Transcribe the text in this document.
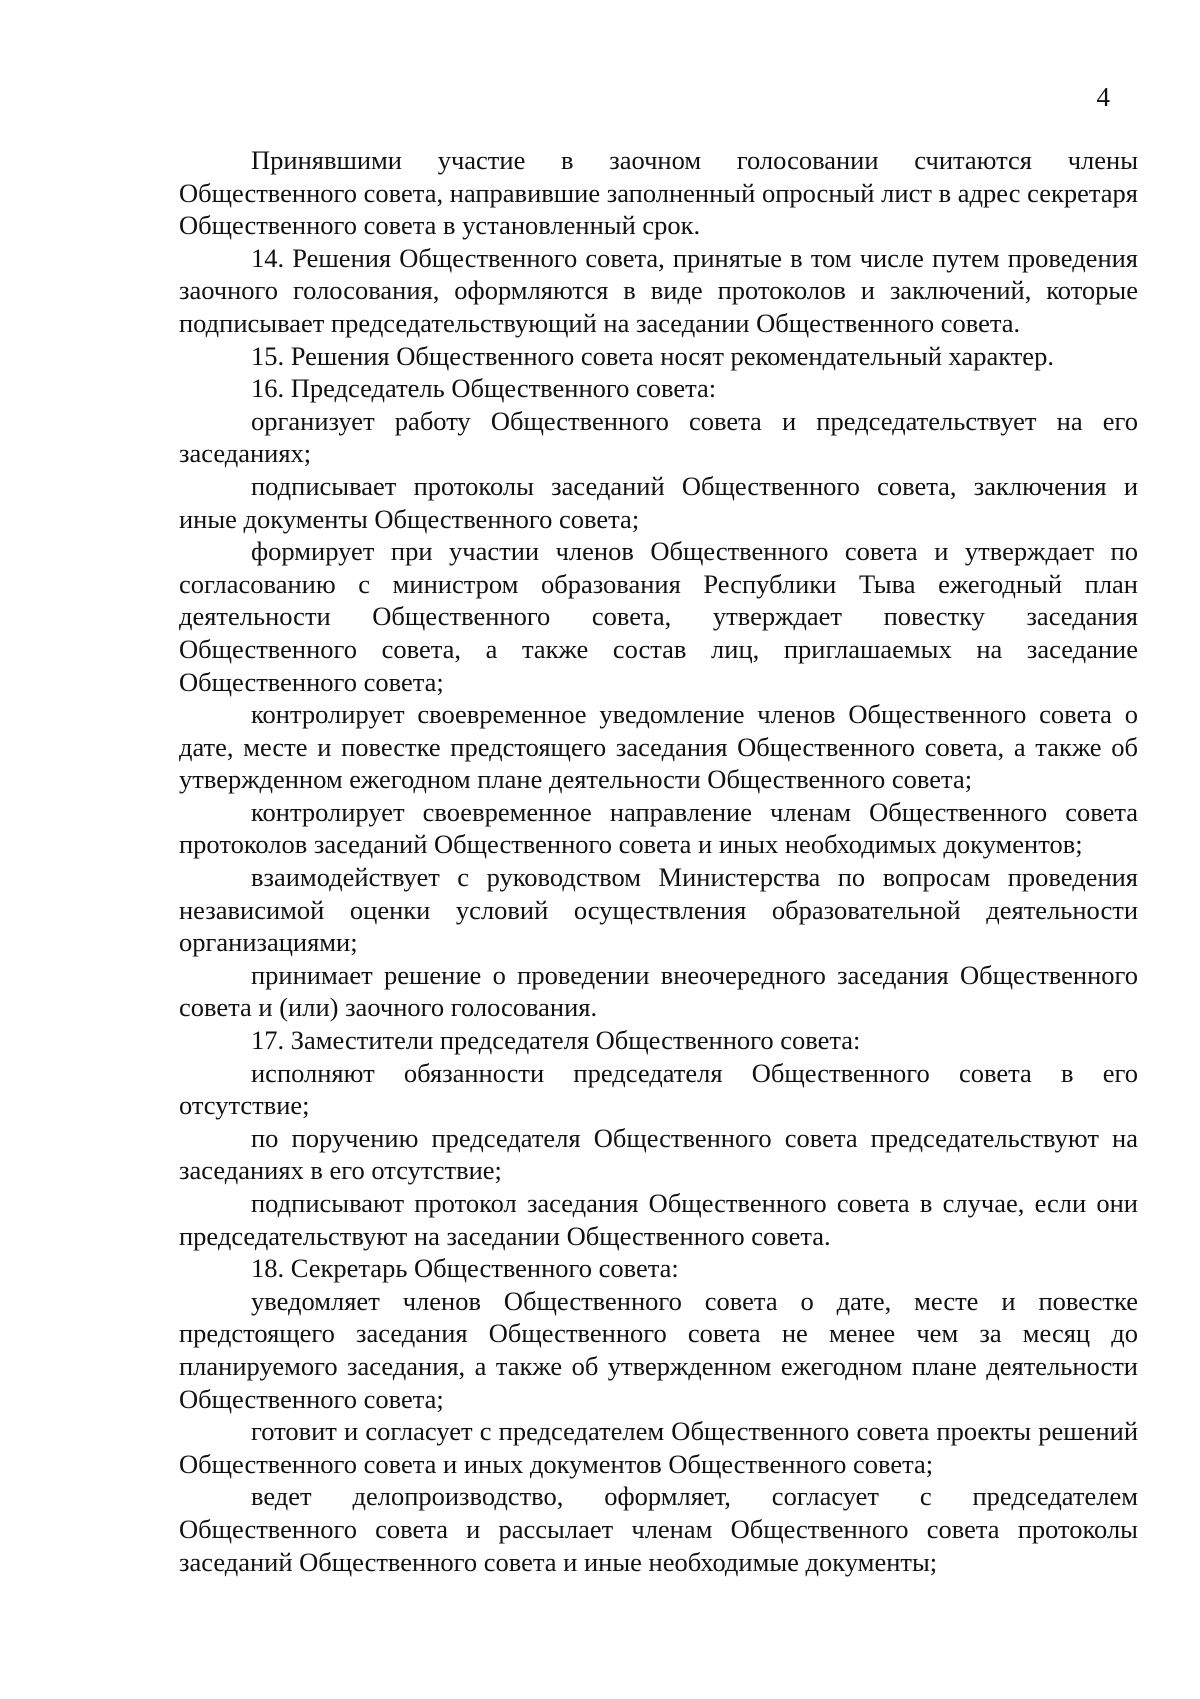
4

Принявшими участие в заочном голосовании считаются члены Общественного совета, направившие заполненный опросный лист в адрес секретаря Общественного совета в установленный срок.

14. Решения Общественного совета, принятые в том числе путем проведения заочного голосования, оформляются в виде протоколов и заключений, которые подписывает председательствующий на заседании Общественного совета.

15. Решения Общественного совета носят рекомендательный характер.

16. Председатель Общественного совета:

организует работу Общественного совета и председательствует на его заседаниях;

подписывает протоколы заседаний Общественного совета, заключения и иные документы Общественного совета;

формирует при участии членов Общественного совета и утверждает по согласованию с министром образования Республики Тыва ежегодный план деятельности Общественного совета, утверждает повестку заседания Общественного совета, а также состав лиц, приглашаемых на заседание Общественного совета;

контролирует своевременное уведомление членов Общественного совета о дате, месте и повестке предстоящего заседания Общественного совета, а также об утвержденном ежегодном плане деятельности Общественного совета;

контролирует своевременное направление членам Общественного совета протоколов заседаний Общественного совета и иных необходимых документов;

взаимодействует с руководством Министерства по вопросам проведения независимой оценки условий осуществления образовательной деятельности организациями;

принимает решение о проведении внеочередного заседания Общественного совета и (или) заочного голосования.

17. Заместители председателя Общественного совета:

исполняют обязанности председателя Общественного совета в его отсутствие;

по поручению председателя Общественного совета председательствуют на заседаниях в его отсутствие;

подписывают протокол заседания Общественного совета в случае, если они председательствуют на заседании Общественного совета.

18. Секретарь Общественного совета:

уведомляет членов Общественного совета о дате, месте и повестке предстоящего заседания Общественного совета не менее чем за месяц до планируемого заседания, а также об утвержденном ежегодном плане деятельности Общественного совета;

готовит и согласует с председателем Общественного совета проекты решений Общественного совета и иных документов Общественного совета;

ведет делопроизводство, оформляет, согласует с председателем Общественного совета и рассылает членам Общественного совета протоколы заседаний Общественного совета и иные необходимые документы;
